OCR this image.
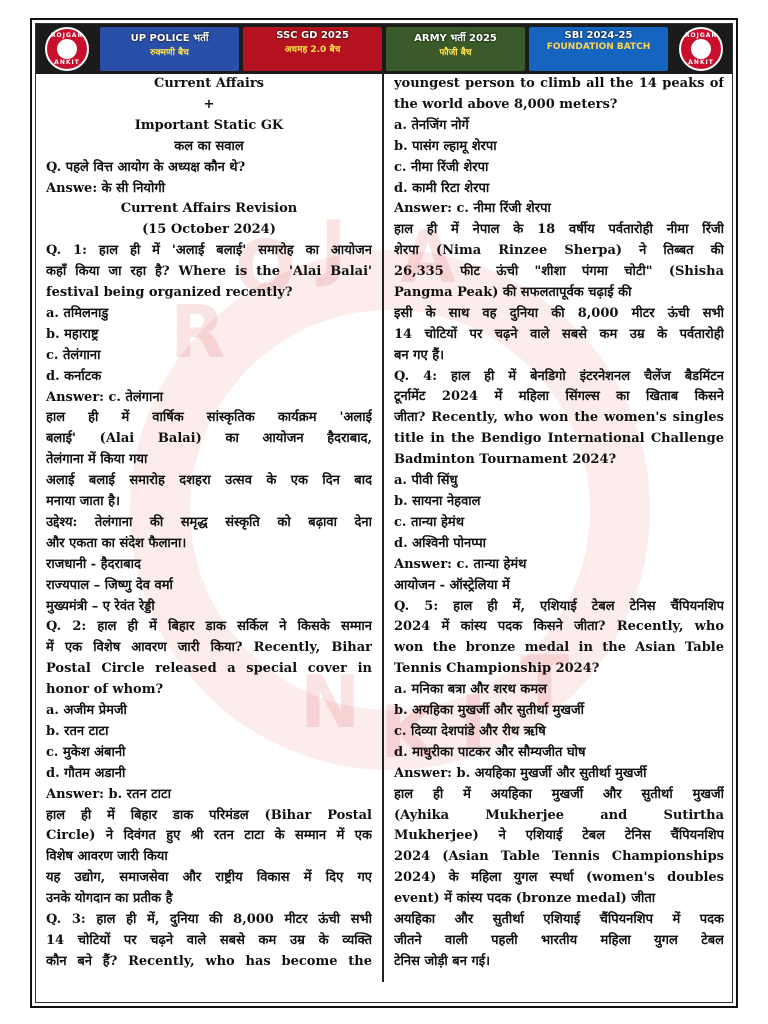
ROJGAR
ANKIT
UP POLICE भर्ती
रुक्मणी बैच
SSC GD 2025
अधमह 2.0 बैच
ARMY भर्ती 2025
फौजी बैच
SBI 2024-25
FOUNDATION BATCH
ROJGAR
ANKIT
Current Affairs
+
Important Static GK
कल का सवाल
Q. पहले वित्त आयोग के अध्यक्ष कौन थे?
Answe: के सी नियोगी
Current Affairs Revision
(15 October 2024)
Q. 1: हाल ही में 'अलाई बलाई' समारोह का आयोजन
कहाँ किया जा रहा है? Where is the 'Alai Balai'
festival being organized recently?
a. तमिलनाडु
b. महाराष्ट्र
c. तेलंगाना
d. कर्नाटक
Answer: c. तेलंगाना
हाल ही में वार्षिक सांस्कृतिक कार्यक्रम 'अलाई
बलाई' (Alai Balai) का आयोजन हैदराबाद,
तेलंगाना में किया गया
अलाई बलाई समारोह दशहरा उत्सव के एक दिन बाद
मनाया जाता है।
उद्देश्य: तेलंगाना की समृद्ध संस्कृति को बढ़ावा देना
और एकता का संदेश फैलाना।
राजधानी - हैदराबाद
राज्यपाल – जिष्णु देव वर्मा
मुख्यमंत्री – ए रेवंत रेड्डी
Q. 2: हाल ही में बिहार डाक सर्किल ने किसके सम्मान
में एक विशेष आवरण जारी किया? Recently, Bihar
Postal Circle released a special cover in
honor of whom?
a. अजीम प्रेमजी
b. रतन टाटा
c. मुकेश अंबानी
d. गौतम अडानी
Answer: b. रतन टाटा
हाल ही में बिहार डाक परिमंडल (Bihar Postal
Circle) ने दिवंगत हुए श्री रतन टाटा के सम्मान में एक
विशेष आवरण जारी किया
यह उद्योग, समाजसेवा और राष्ट्रीय विकास में दिए गए
उनके योगदान का प्रतीक है
Q. 3: हाल ही में, दुनिया की 8,000 मीटर ऊंची सभी
14 चोटियों पर चढ़ने वाले सबसे कम उम्र के व्यक्ति
कौन बने हैं? Recently, who has become the
youngest person to climb all the 14 peaks of
the world above 8,000 meters?
a. तेनजिंग नोर्गे
b. पासंग ल्हामू शेरपा
c. नीमा रिंजी शेरपा
d. कामी रिटा शेरपा
Answer: c. नीमा रिंजी शेरपा
हाल ही में नेपाल के 18 वर्षीय पर्वतारोही नीमा रिंजी
शेरपा (Nima Rinzee Sherpa) ने तिब्बत की
26,335 फीट ऊंची "शीशा पंगमा चोटी" (Shisha
Pangma Peak) की सफलतापूर्वक चढ़ाई की
इसी के साथ वह दुनिया की 8,000 मीटर ऊंची सभी
14 चोटियों पर चढ़ने वाले सबसे कम उम्र के पर्वतारोही
बन गए हैं।
Q. 4: हाल ही में बेनडिगो इंटरनेशनल चैलेंज बैडमिंटन
टूर्नामेंट 2024 में महिला सिंगल्स का खिताब किसने
जीता? Recently, who won the women's singles
title in the Bendigo International Challenge
Badminton Tournament 2024?
a. पीवी सिंधु
b. सायना नेहवाल
c. तान्या हेमंथ
d. अश्विनी पोनप्पा
Answer: c. तान्या हेमंथ
आयोजन - ऑस्ट्रेलिया में
Q. 5: हाल ही में, एशियाई टेबल टेनिस चैंपियनशिप
2024 में कांस्य पदक किसने जीता? Recently, who
won the bronze medal in the Asian Table
Tennis Championship 2024?
a. मनिका बत्रा और शरथ कमल
b. अयहिका मुखर्जी और सुतीर्था मुखर्जी
c. दिव्या देशपांडे और रीथ ऋषि
d. माधुरीका पाटकर और सौम्यजीत घोष
Answer: b. अयहिका मुखर्जी और सुतीर्था मुखर्जी
हाल ही में अयहिका मुखर्जी और सुतीर्था मुखर्जी
(Ayhika Mukherjee and Sutirtha
Mukherjee) ने एशियाई टेबल टेनिस चैंपियनशिप
2024 (Asian Table Tennis Championships
2024) के महिला युगल स्पर्धा (women's doubles
event) में कांस्य पदक (bronze medal) जीता
अयहिका और सुतीर्था एशियाई चैंपियनशिप में पदक
जीतने वाली पहली भारतीय महिला युगल टेबल
टेनिस जोड़ी बन गई।
